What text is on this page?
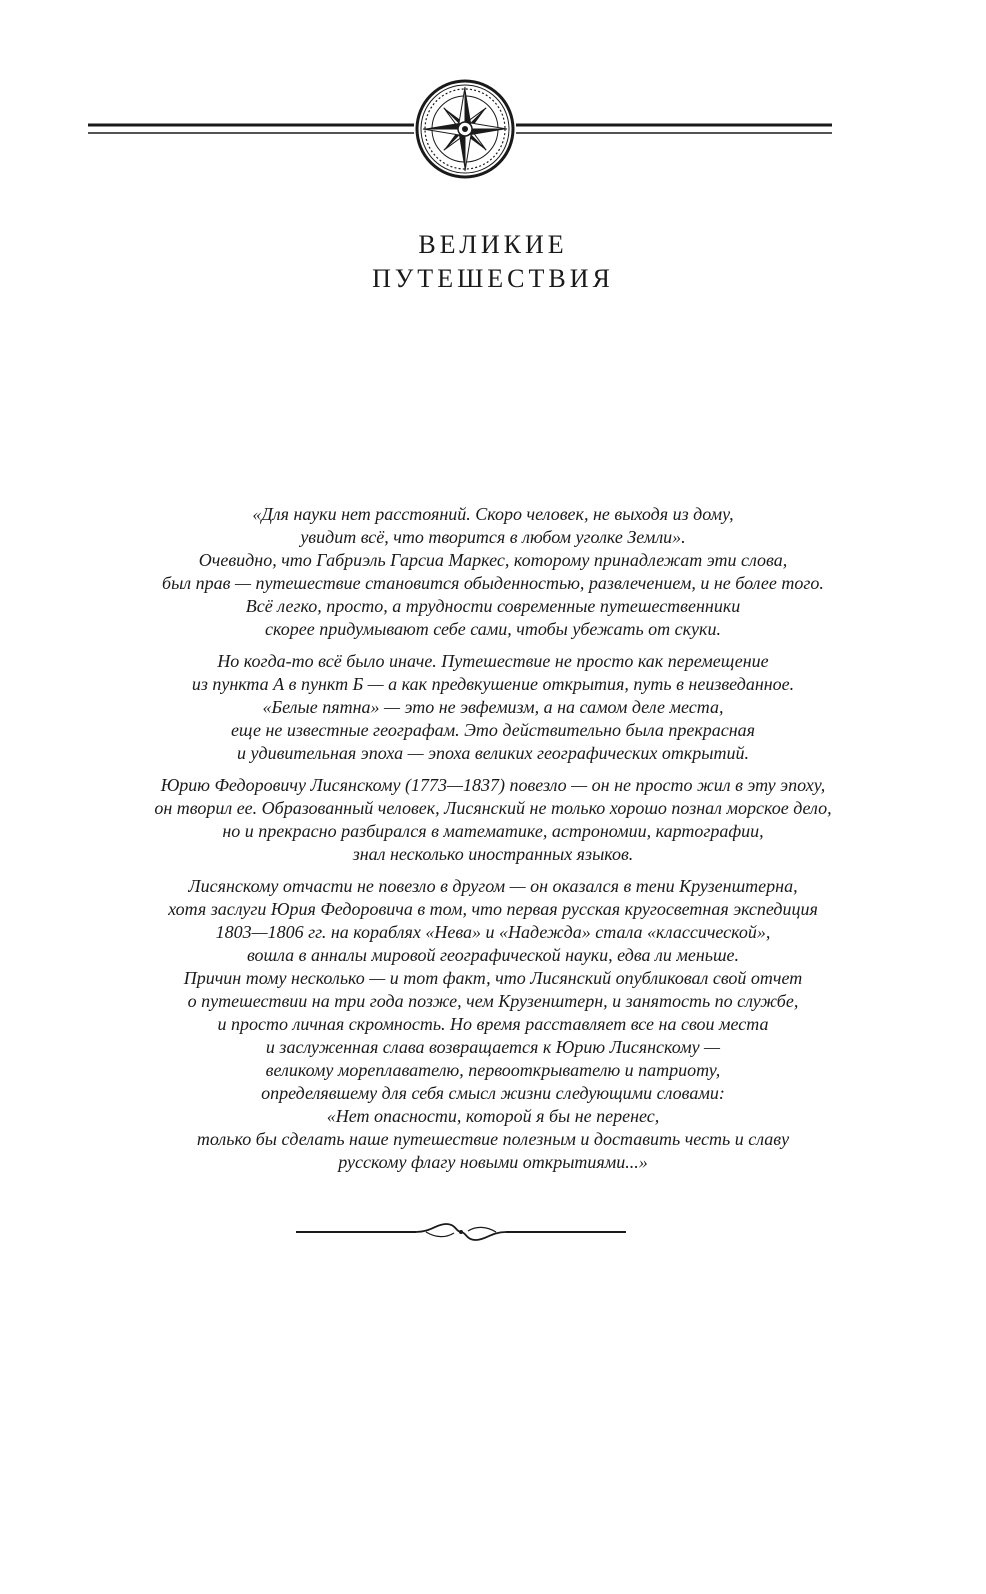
ВЕЛИКИЕ
ПУТЕШЕСТВИЯ

«Для науки нет расстояний. Скоро человек, не выходя из дому,
увидит всё, что творится в любом уголке Земли».
Очевидно, что Габриэль Гарсиа Маркес, которому принадлежат эти слова,
был прав — путешествие становится обыденностью, развлечением, и не более того.
Всё легко, просто, а трудности современные путешественники
скорее придумывают себе сами, чтобы убежать от скуки.

Но когда-то всё было иначе. Путешествие не просто как перемещение
из пункта А в пункт Б — а как предвкушение открытия, путь в неизведанное.
«Белые пятна» — это не эвфемизм, а на самом деле места,
еще не известные географам. Это действительно была прекрасная
и удивительная эпоха — эпоха великих географических открытий.

Юрию Федоровичу Лисянскому (1773—1837) повезло — он не просто жил в эту эпоху,
он творил ее. Образованный человек, Лисянский не только хорошо познал морское дело,
но и прекрасно разбирался в математике, астрономии, картографии,
знал несколько иностранных языков.

Лисянскому отчасти не повезло в другом — он оказался в тени Крузенштерна,
хотя заслуги Юрия Федоровича в том, что первая русская кругосветная экспедиция
1803—1806 гг. на кораблях «Нева» и «Надежда» стала «классической»,
вошла в анналы мировой географической науки, едва ли меньше.
Причин тому несколько — и тот факт, что Лисянский опубликовал свой отчет
о путешествии на три года позже, чем Крузенштерн, и занятость по службе,
и просто личная скромность. Но время расставляет все на свои места
и заслуженная слава возвращается к Юрию Лисянскому —
великому мореплавателю, первооткрывателю и патриоту,
определявшему для себя смысл жизни следующими словами:
«Нет опасности, которой я бы не перенес,
только бы сделать наше путешествие полезным и доставить честь и славу
русскому флагу новыми открытиями...»
